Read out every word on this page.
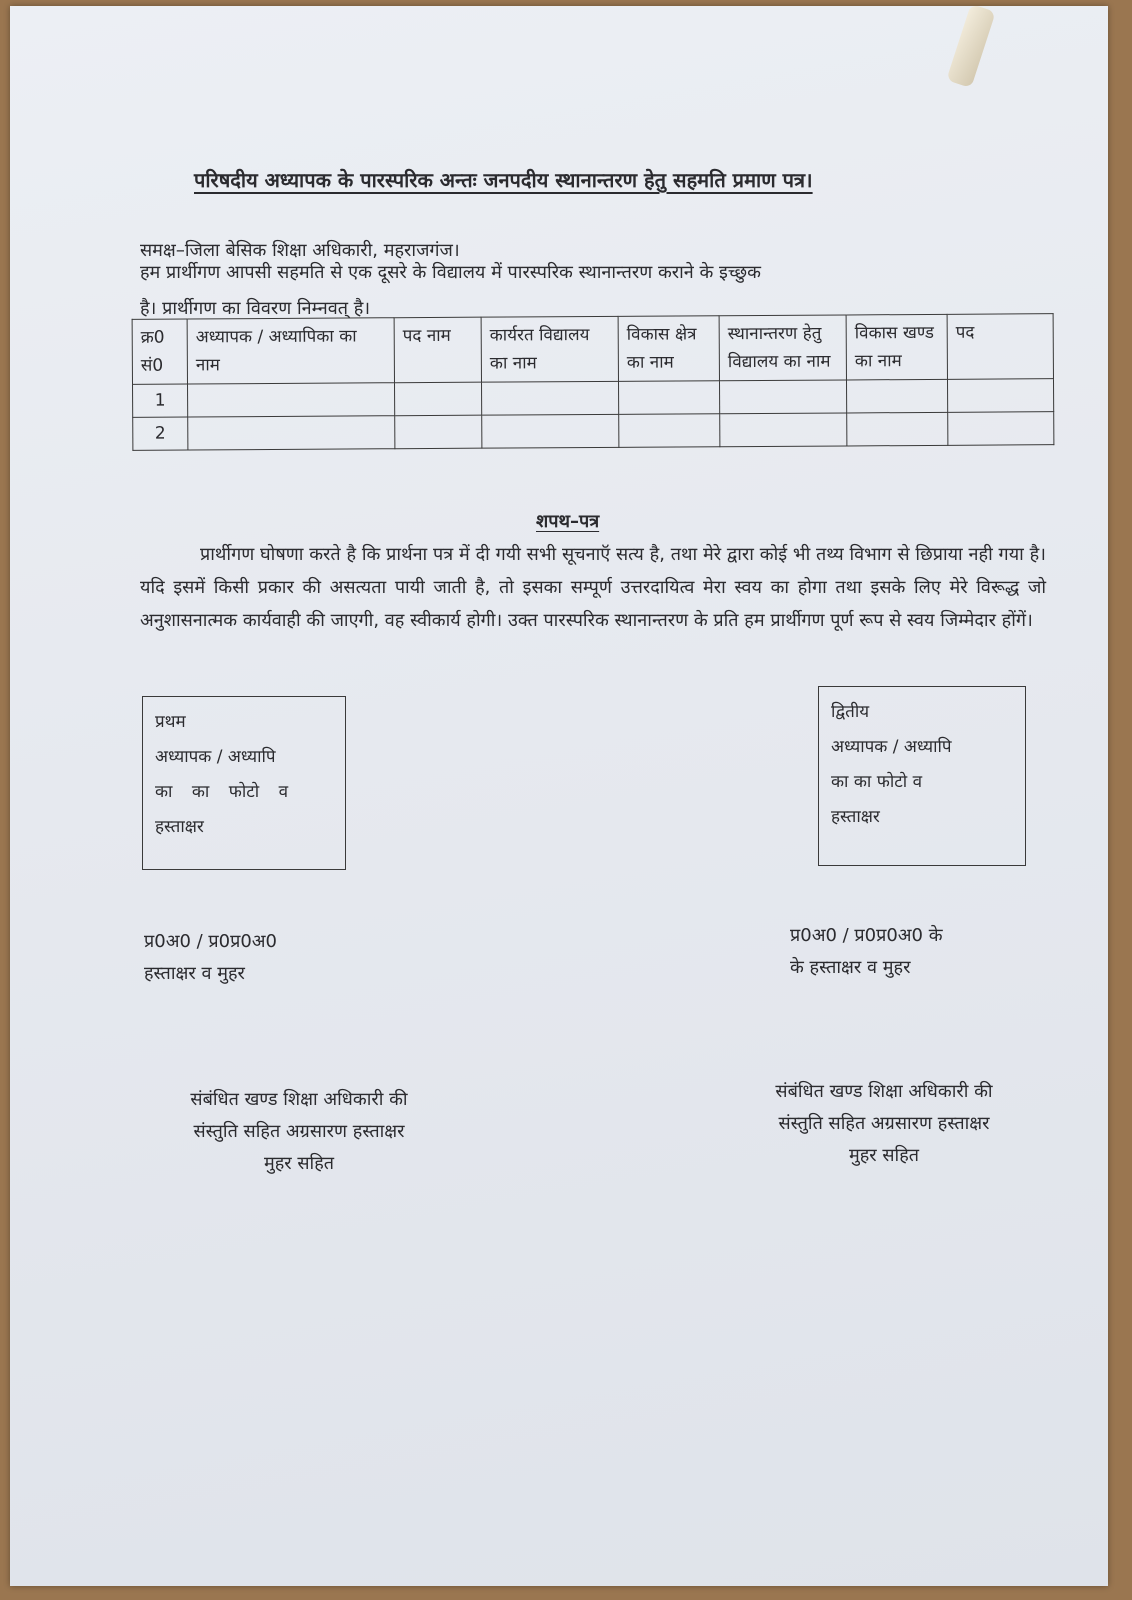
परिषदीय अध्यापक के पारस्परिक अन्तः जनपदीय स्थानान्तरण हेतु सहमति प्रमाण पत्र।
समक्ष–जिला बेसिक शिक्षा अधिकारी, महराजगंज।
हम प्रार्थीगण आपसी सहमति से एक दूसरे के विद्यालय में पारस्परिक स्थानान्तरण कराने के इच्छुक
है। प्रार्थीगण का विवरण निम्नवत् है।
क्र0 सं0	अध्यापक / अध्यापिका का नाम	पद नाम	कार्यरत विद्यालय का नाम	विकास क्षेत्र का नाम	स्थानान्तरण हेतु विद्यालय का नाम	विकास खण्ड का नाम	पद
1							
2							
शपथ–पत्र
प्रार्थीगण घोषणा करते है कि प्रार्थना पत्र में दी गयी सभी सूचनाऍ सत्य है, तथा मेरे द्वारा कोई भी तथ्य विभाग से छिप्राया नही गया है। यदि इसमें किसी प्रकार की असत्यता पायी जाती है, तो इसका सम्पूर्ण उत्तरदायित्व मेरा स्वय का होगा तथा इसके लिए मेरे विरूद्ध जो अनुशासनात्मक कार्यवाही की जाएगी, वह स्वीकार्य होगी। उक्त पारस्परिक स्थानान्तरण के प्रति हम प्रार्थीगण पूर्ण रूप से स्वय जिम्मेदार होंगें।
प्रथम
अध्यापक / अध्यापि
का का फोटो व
हस्ताक्षर
द्वितीय
अध्यापक / अध्यापि
का का फोटो व
हस्ताक्षर
प्र0अ0 / प्र0प्र0अ0
हस्ताक्षर व मुहर
प्र0अ0 / प्र0प्र0अ0 के
के हस्ताक्षर व मुहर
संबंधित खण्ड शिक्षा अधिकारी की
संस्तुति सहित अग्रसारण हस्ताक्षर
मुहर सहित
संबंधित खण्ड शिक्षा अधिकारी की
संस्तुति सहित अग्रसारण हस्ताक्षर
मुहर सहित
